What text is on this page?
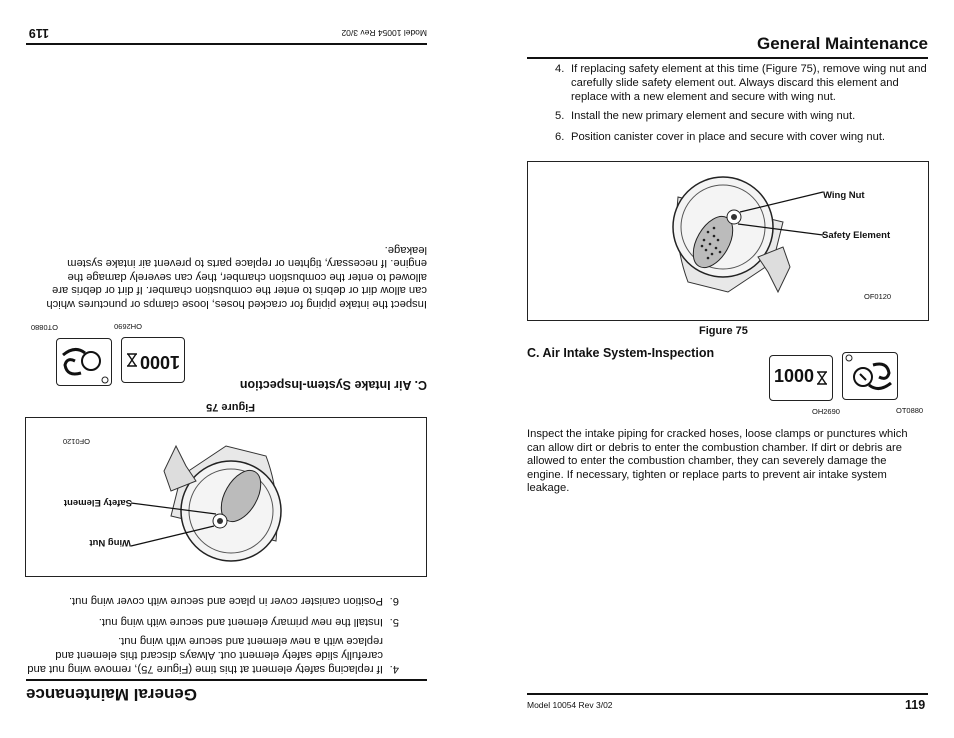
General Maintenance
4. If replacing safety element at this time (Figure 75), remove wing nut and carefully slide safety element out. Always discard this element and replace with a new element and secure with wing nut.
5. Install the new primary element and secure with wing nut.
6. Position canister cover in place and secure with cover wing nut.
Wing Nut
Safety Element
OF0120
Figure 75
C. Air Intake System-Inspection
1000
OH2690	OT0880
Inspect the intake piping for cracked hoses, loose clamps or punctures which can allow dirt or debris to enter the combustion chamber. If dirt or debris are allowed to enter the combustion chamber, they can severely damage the engine. If necessary, tighten or replace parts to prevent air intake system leakage.
Model 10054 Rev 3/02	119
General Maintenance
4.
If replacing safety element at this time (Figure 75), remove wing nut and carefully slide safety element out. Always discard this element and replace with a new element and secure with wing nut.
5.
Install the new primary element and secure with wing nut.
6.
Position canister cover in place and secure with cover wing nut.
Wing Nut
Safety Element
OF0120
Figure 75
C. Air Intake System-Inspection
1000
OH2690
OT0880
Inspect the intake piping for cracked hoses, loose clamps or punctures which can allow dirt or debris to enter the combustion chamber. If dirt or debris are allowed to enter the combustion chamber, they can severely damage the engine. If necessary, tighten or replace parts to prevent air intake system leakage.
Model 10054 Rev 3/02
119
